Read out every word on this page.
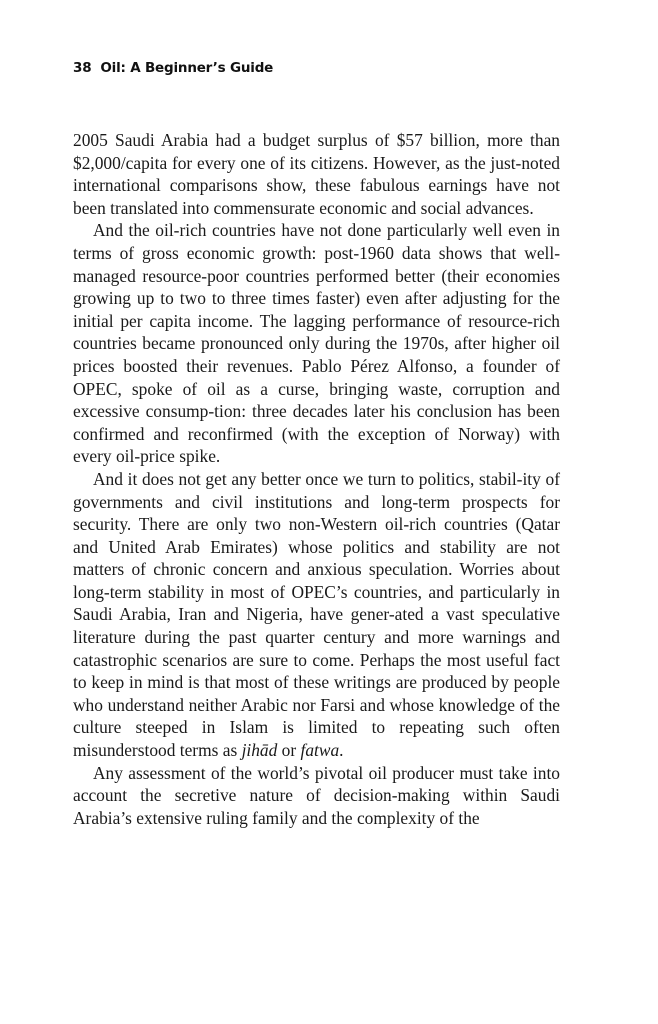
38 Oil: A Beginner’s Guide

2005 Saudi Arabia had a budget surplus of $57 billion, more than $2,000/capita for every one of its citizens. However, as the just-noted international comparisons show, these fabulous earnings have not been translated into commensurate economic and social advances.

And the oil-rich countries have not done particularly well even in terms of gross economic growth: post-1960 data shows that well-managed resource-poor countries performed better (their economies growing up to two to three times faster) even after adjusting for the initial per capita income. The lagging performance of resource-rich countries became pronounced only during the 1970s, after higher oil prices boosted their revenues. Pablo Pérez Alfonso, a founder of OPEC, spoke of oil as a curse, bringing waste, corruption and excessive consump-tion: three decades later his conclusion has been confirmed and reconfirmed (with the exception of Norway) with every oil-price spike.

And it does not get any better once we turn to politics, stabil-ity of governments and civil institutions and long-term prospects for security. There are only two non-Western oil-rich countries (Qatar and United Arab Emirates) whose politics and stability are not matters of chronic concern and anxious speculation. Worries about long-term stability in most of OPEC’s countries, and particularly in Saudi Arabia, Iran and Nigeria, have gener-ated a vast speculative literature during the past quarter century and more warnings and catastrophic scenarios are sure to come. Perhaps the most useful fact to keep in mind is that most of these writings are produced by people who understand neither Arabic nor Farsi and whose knowledge of the culture steeped in Islam is limited to repeating such often misunderstood terms as jihād or fatwa.

Any assessment of the world’s pivotal oil producer must take into account the secretive nature of decision-making within Saudi Arabia’s extensive ruling family and the complexity of the
